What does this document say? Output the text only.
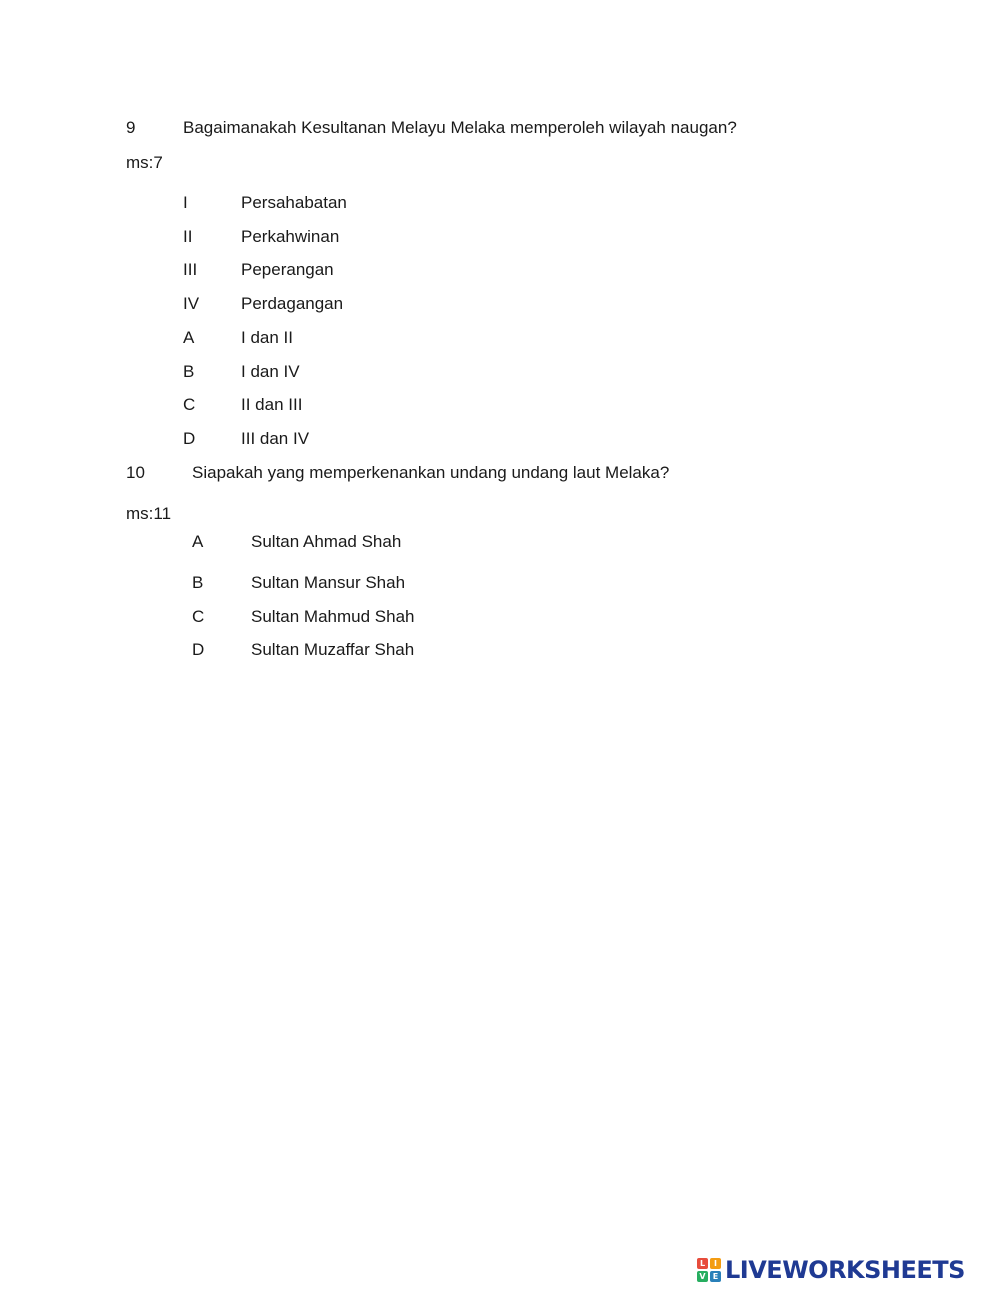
9	Bagaimanakah Kesultanan Melayu Melaka memperoleh wilayah naugan?
ms:7
I	Persahabatan
II	Perkahwinan
III	Peperangan
IV Perdagangan
A	I dan II
B	I dan IV
C	II dan III
D	III dan IV
10	Siapakah yang memperkenankan undang undang laut Melaka?
ms:11
A	Sultan Ahmad Shah
B	Sultan Mansur Shah
C	Sultan Mahmud Shah
D	Sultan Muzaffar Shah
L	I
V E LIVEWORKSHEETS
